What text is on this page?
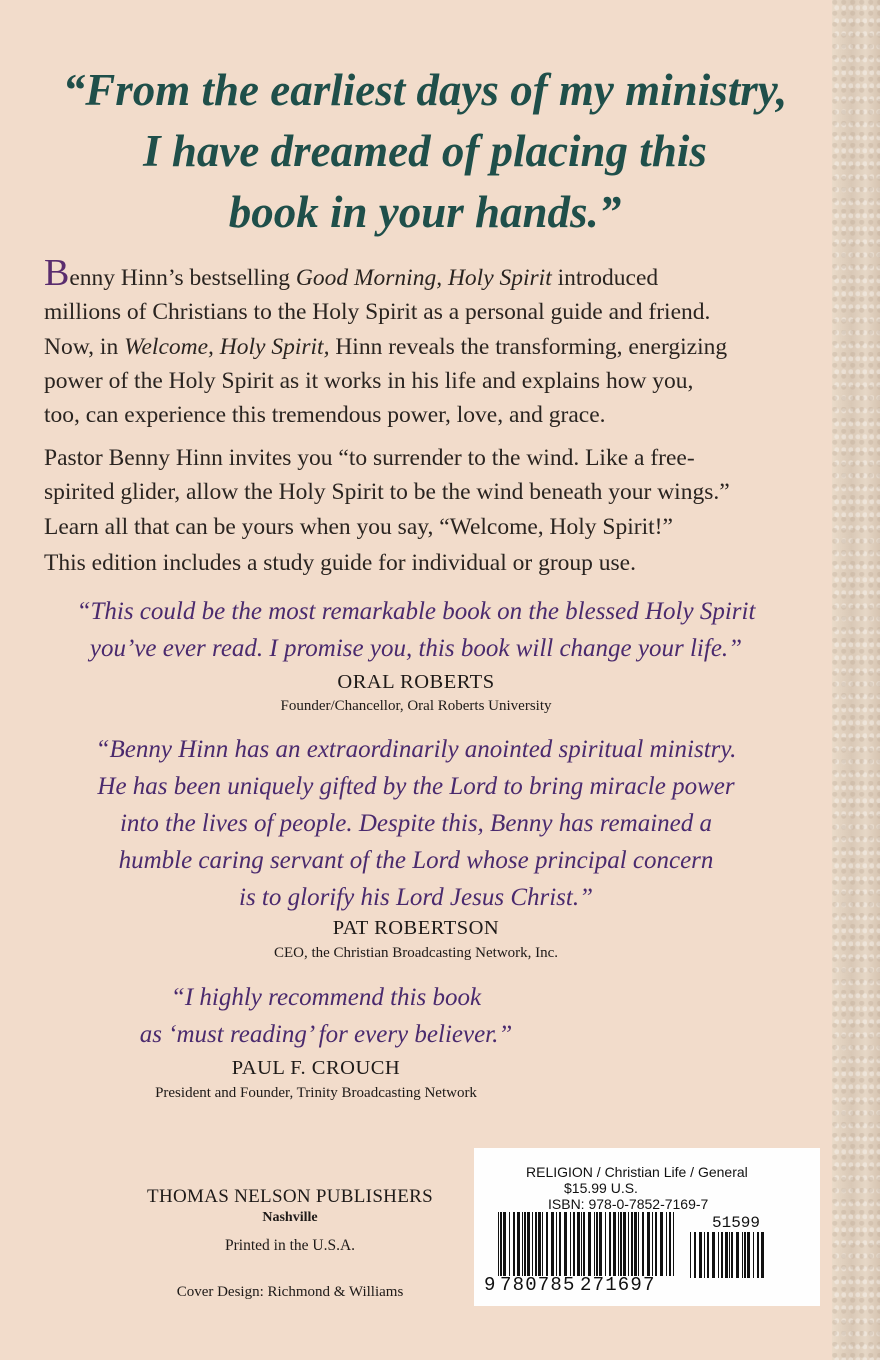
“From the earliest days of my ministry,
I have dreamed of placing this
book in your hands.”
Benny Hinn’s bestselling Good Morning, Holy Spirit introduced
millions of Christians to the Holy Spirit as a personal guide and friend.
Now, in Welcome, Holy Spirit, Hinn reveals the transforming, energizing
power of the Holy Spirit as it works in his life and explains how you,
too, can experience this tremendous power, love, and grace.
Pastor Benny Hinn invites you “to surrender to the wind. Like a free-
spirited glider, allow the Holy Spirit to be the wind beneath your wings.”
Learn all that can be yours when you say, “Welcome, Holy Spirit!”
This edition includes a study guide for individual or group use.
“This could be the most remarkable book on the blessed Holy Spirit
you’ve ever read. I promise you, this book will change your life.”
ORAL ROBERTS
Founder/Chancellor, Oral Roberts University
“Benny Hinn has an extraordinarily anointed spiritual ministry.
He has been uniquely gifted by the Lord to bring miracle power
into the lives of people. Despite this, Benny has remained a
humble caring servant of the Lord whose principal concern
is to glorify his Lord Jesus Christ.”
PAT ROBERTSON
CEO, the Christian Broadcasting Network, Inc.
“I highly recommend this book
as ‘must reading’ for every believer.”
PAUL F. CROUCH
President and Founder, Trinity Broadcasting Network
THOMAS NELSON PUBLISHERS
Nashville
Printed in the U.S.A.
Cover Design: Richmond & Williams
RELIGION / Christian Life / General
$15.99 U.S.
ISBN: 978-0-7852-7169-7
51599
9 780785 271697
